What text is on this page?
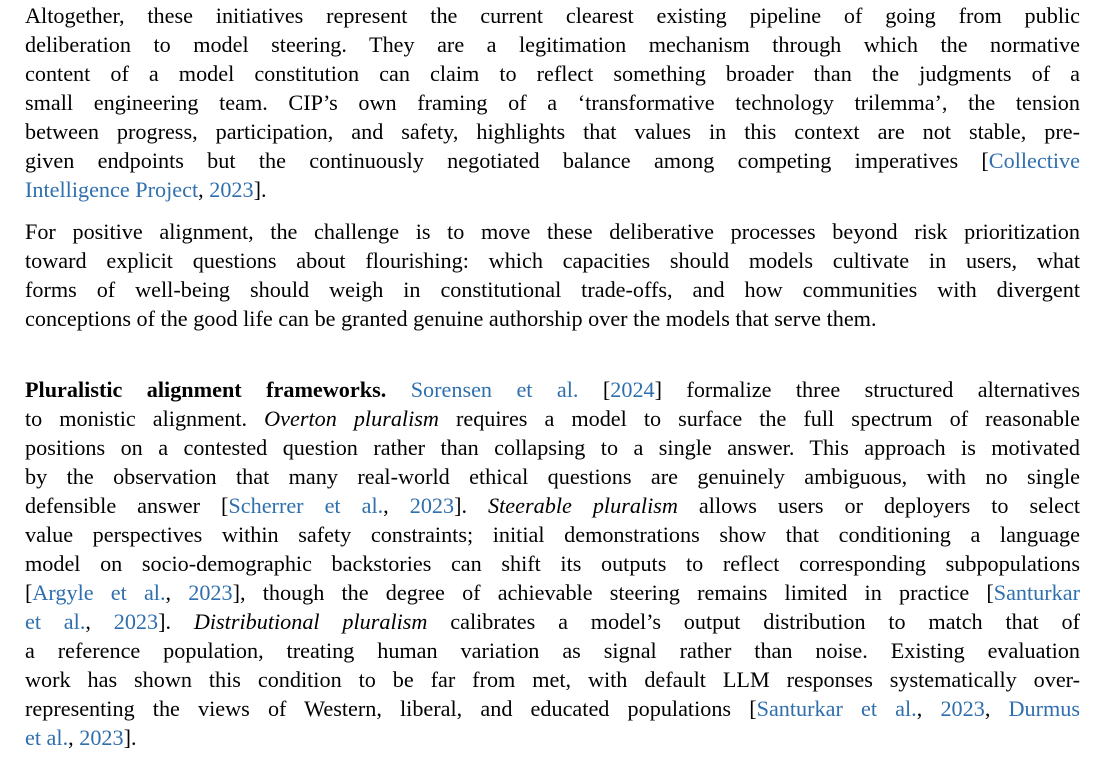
Altogether, these initiatives represent the current clearest existing pipeline of going from public
deliberation to model steering. They are a legitimation mechanism through which the normative
content of a model constitution can claim to reflect something broader than the judgments of a
small engineering team. CIP’s own framing of a ‘transformative technology trilemma’, the tension
between progress, participation, and safety, highlights that values in this context are not stable, pre-
given endpoints but the continuously negotiated balance among competing imperatives [Collective
Intelligence Project, 2023].
For positive alignment, the challenge is to move these deliberative processes beyond risk prioritization
toward explicit questions about flourishing: which capacities should models cultivate in users, what
forms of well-being should weigh in constitutional trade-offs, and how communities with divergent
conceptions of the good life can be granted genuine authorship over the models that serve them.
Pluralistic alignment frameworks. Sorensen et al. [2024] formalize three structured alternatives
to monistic alignment. Overton pluralism requires a model to surface the full spectrum of reasonable
positions on a contested question rather than collapsing to a single answer. This approach is motivated
by the observation that many real-world ethical questions are genuinely ambiguous, with no single
defensible answer [Scherrer et al., 2023]. Steerable pluralism allows users or deployers to select
value perspectives within safety constraints; initial demonstrations show that conditioning a language
model on socio-demographic backstories can shift its outputs to reflect corresponding subpopulations
[Argyle et al., 2023], though the degree of achievable steering remains limited in practice [Santurkar
et al., 2023]. Distributional pluralism calibrates a model’s output distribution to match that of
a reference population, treating human variation as signal rather than noise. Existing evaluation
work has shown this condition to be far from met, with default LLM responses systematically over-
representing the views of Western, liberal, and educated populations [Santurkar et al., 2023, Durmus
et al., 2023].
